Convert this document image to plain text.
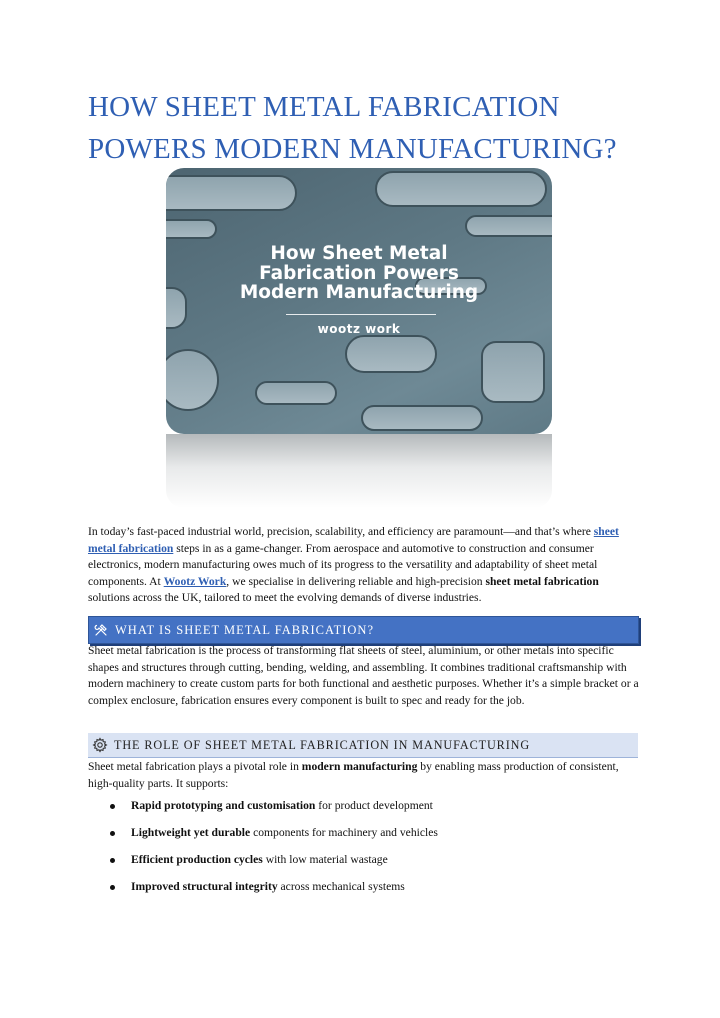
HOW SHEET METAL FABRICATION
POWERS MODERN MANUFACTURING?
How Sheet Metal
Fabrication Powers
Modern Manufacturing
wootz work

In today’s fast-paced industrial world, precision, scalability, and efficiency are paramount—and that’s where sheet metal fabrication steps in as a game-changer. From aerospace and automotive to construction and consumer electronics, modern manufacturing owes much of its progress to the versatility and adaptability of sheet metal components. At Wootz Work, we specialise in delivering reliable and high-precision sheet metal fabrication solutions across the UK, tailored to meet the evolving demands of diverse industries.

WHAT IS SHEET METAL FABRICATION?

Sheet metal fabrication is the process of transforming flat sheets of steel, aluminium, or other metals into specific shapes and structures through cutting, bending, welding, and assembling. It combines traditional craftsmanship with modern machinery to create custom parts for both functional and aesthetic purposes. Whether it’s a simple bracket or a complex enclosure, fabrication ensures every component is built to spec and ready for the job.

THE ROLE OF SHEET METAL FABRICATION IN MANUFACTURING

Sheet metal fabrication plays a pivotal role in modern manufacturing by enabling mass production of consistent, high-quality parts. It supports:

Rapid prototyping and customisation for product development
Lightweight yet durable components for machinery and vehicles
Efficient production cycles with low material wastage
Improved structural integrity across mechanical systems
